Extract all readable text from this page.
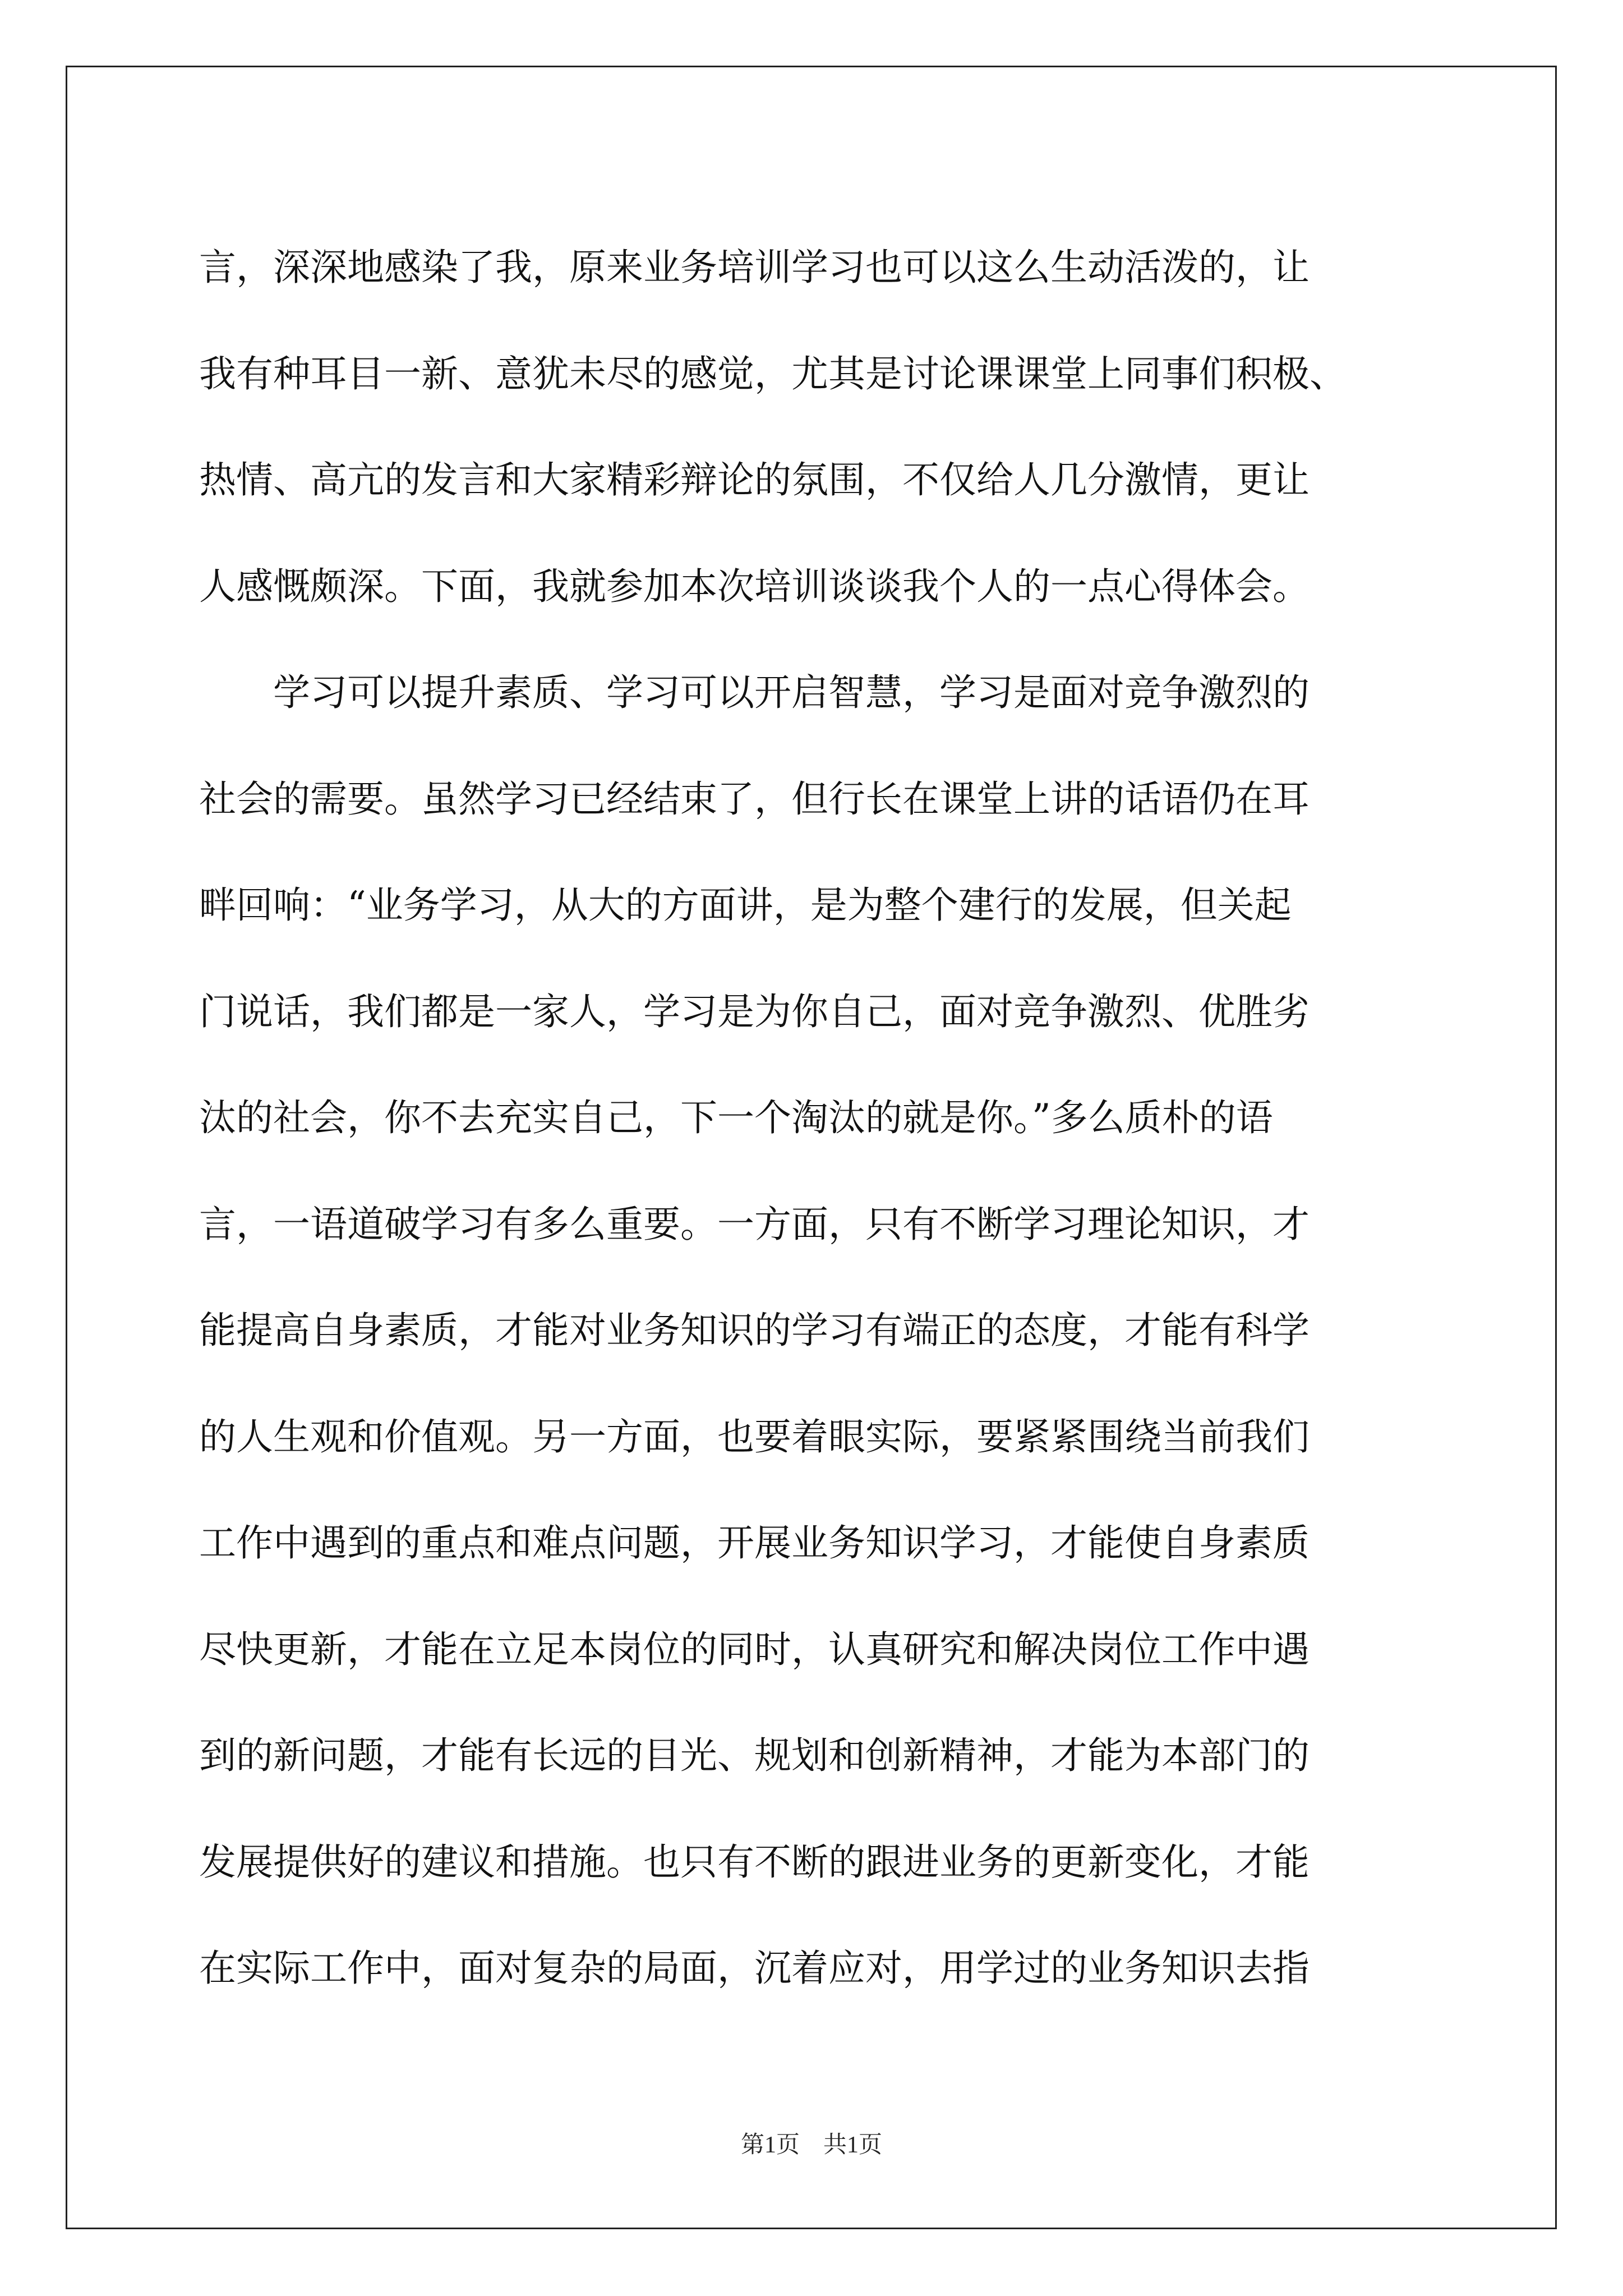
言，深深地感染了我，原来业务培训学习也可以这么生动活泼的，让
我有种耳目一新、意犹未尽的感觉，尤其是讨论课课堂上同事们积极、
热情、高亢的发言和大家精彩辩论的氛围，不仅给人几分激情，更让
人感慨颇深。下面，我就参加本次培训谈谈我个人的一点心得体会。
学习可以提升素质、学习可以开启智慧，学习是面对竞争激烈的
社会的需要。虽然学习已经结束了，但行长在课堂上讲的话语仍在耳
畔回响：“业务学习，从大的方面讲，是为整个建行的发展，但关起
门说话，我们都是一家人，学习是为你自己，面对竞争激烈、优胜劣
汰的社会，你不去充实自己，下一个淘汰的就是你。”多么质朴的语
言，一语道破学习有多么重要。一方面，只有不断学习理论知识，才
能提高自身素质，才能对业务知识的学习有端正的态度，才能有科学
的人生观和价值观。另一方面，也要着眼实际，要紧紧围绕当前我们
工作中遇到的重点和难点问题，开展业务知识学习，才能使自身素质
尽快更新，才能在立足本岗位的同时，认真研究和解决岗位工作中遇
到的新问题，才能有长远的目光、规划和创新精神，才能为本部门的
发展提供好的建议和措施。也只有不断的跟进业务的更新变化，才能
在实际工作中，面对复杂的局面，沉着应对，用学过的业务知识去指
第1页　共1页
